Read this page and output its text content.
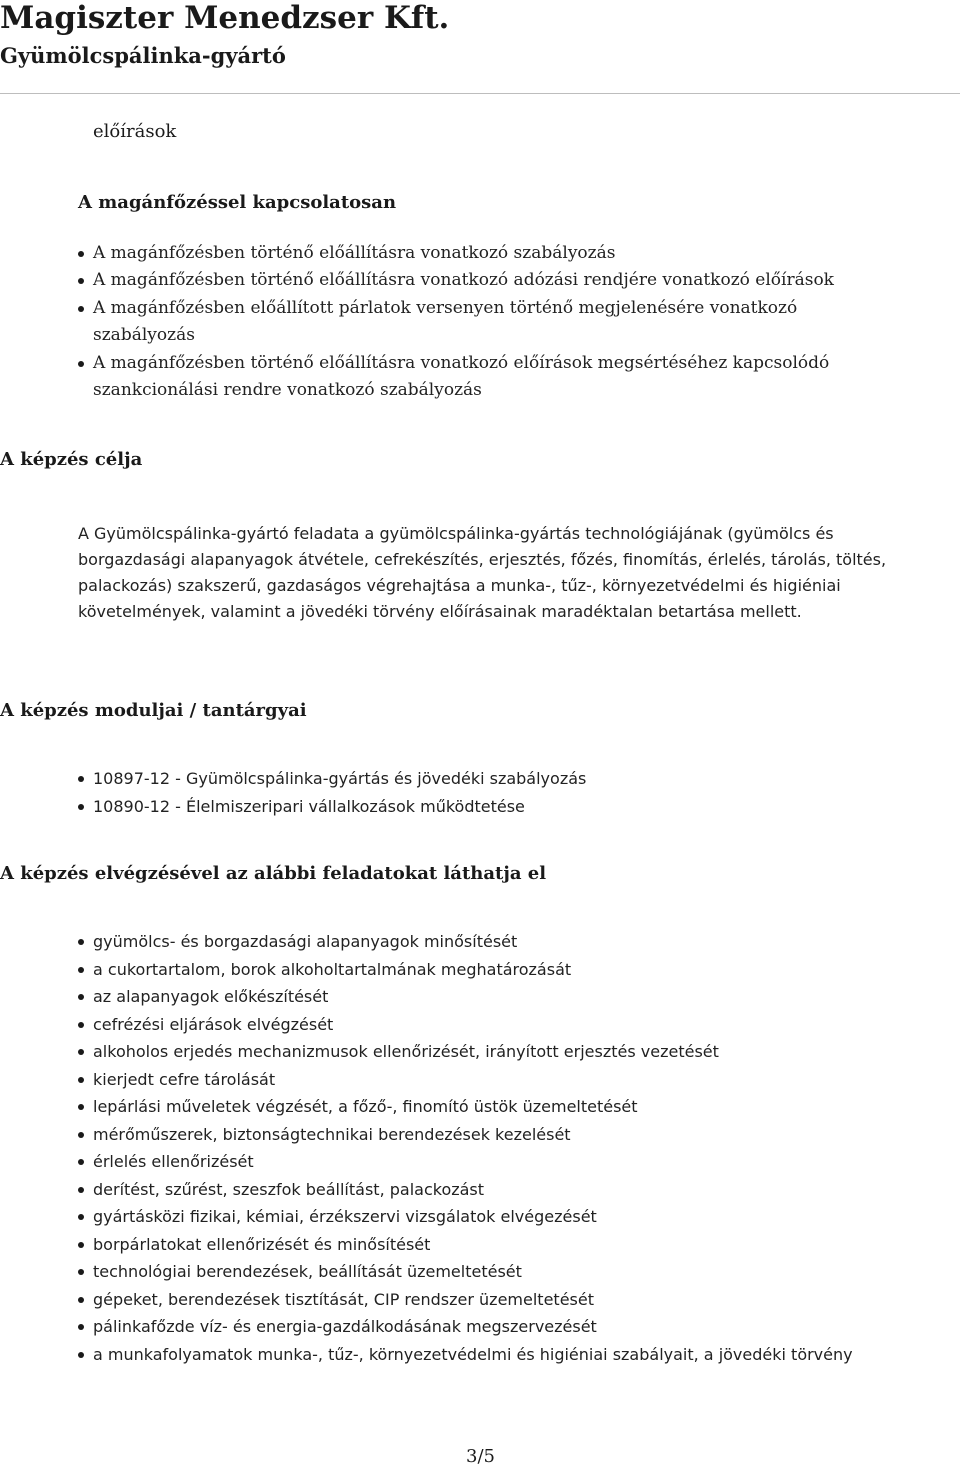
Magiszter Menedzser Kft.
Gyümölcspálinka-gyártó
előírások
A magánfőzéssel kapcsolatosan
A magánfőzésben történő előállításra vonatkozó szabályozás
A magánfőzésben történő előállításra vonatkozó adózási rendjére vonatkozó előírások
A magánfőzésben előállított párlatok versenyen történő megjelenésére vonatkozó
szabályozás
A magánfőzésben történő előállításra vonatkozó előírások megsértéséhez kapcsolódó
szankcionálási rendre vonatkozó szabályozás
A képzés célja
A Gyümölcspálinka-gyártó feladata a gyümölcspálinka-gyártás technológiájának (gyümölcs és borgazdasági alapanyagok átvétele, cefrekészítés, erjesztés, főzés, finomítás, érlelés, tárolás, töltés, palackozás) szakszerű, gazdaságos végrehajtása a munka-, tűz-, környezetvédelmi és higiéniai követelmények, valamint a jövedéki törvény előírásainak maradéktalan betartása mellett.
A képzés moduljai / tantárgyai
10897-12 - Gyümölcspálinka-gyártás és jövedéki szabályozás
10890-12 - Élelmiszeripari vállalkozások működtetése
A képzés elvégzésével az alábbi feladatokat láthatja el
gyümölcs- és borgazdasági alapanyagok minősítését
a cukortartalom, borok alkoholtartalmának meghatározását
az alapanyagok előkészítését
cefrézési eljárások elvégzését
alkoholos erjedés mechanizmusok ellenőrizését, irányított erjesztés vezetését
kierjedt cefre tárolását
lepárlási műveletek végzését, a főző-, finomító üstök üzemeltetését
mérőműszerek, biztonságtechnikai berendezések kezelését
érlelés ellenőrizését
derítést, szűrést, szeszfok beállítást, palackozást
gyártásközi fizikai, kémiai, érzékszervi vizsgálatok elvégezését
borpárlatokat ellenőrizését és minősítését
technológiai berendezések, beállítását üzemeltetését
gépeket, berendezések tisztítását, CIP rendszer üzemeltetését
pálinkafőzde víz- és energia-gazdálkodásának megszervezését
a munkafolyamatok munka-, tűz-, környezetvédelmi és higiéniai szabályait, a jövedéki törvény
3/5
